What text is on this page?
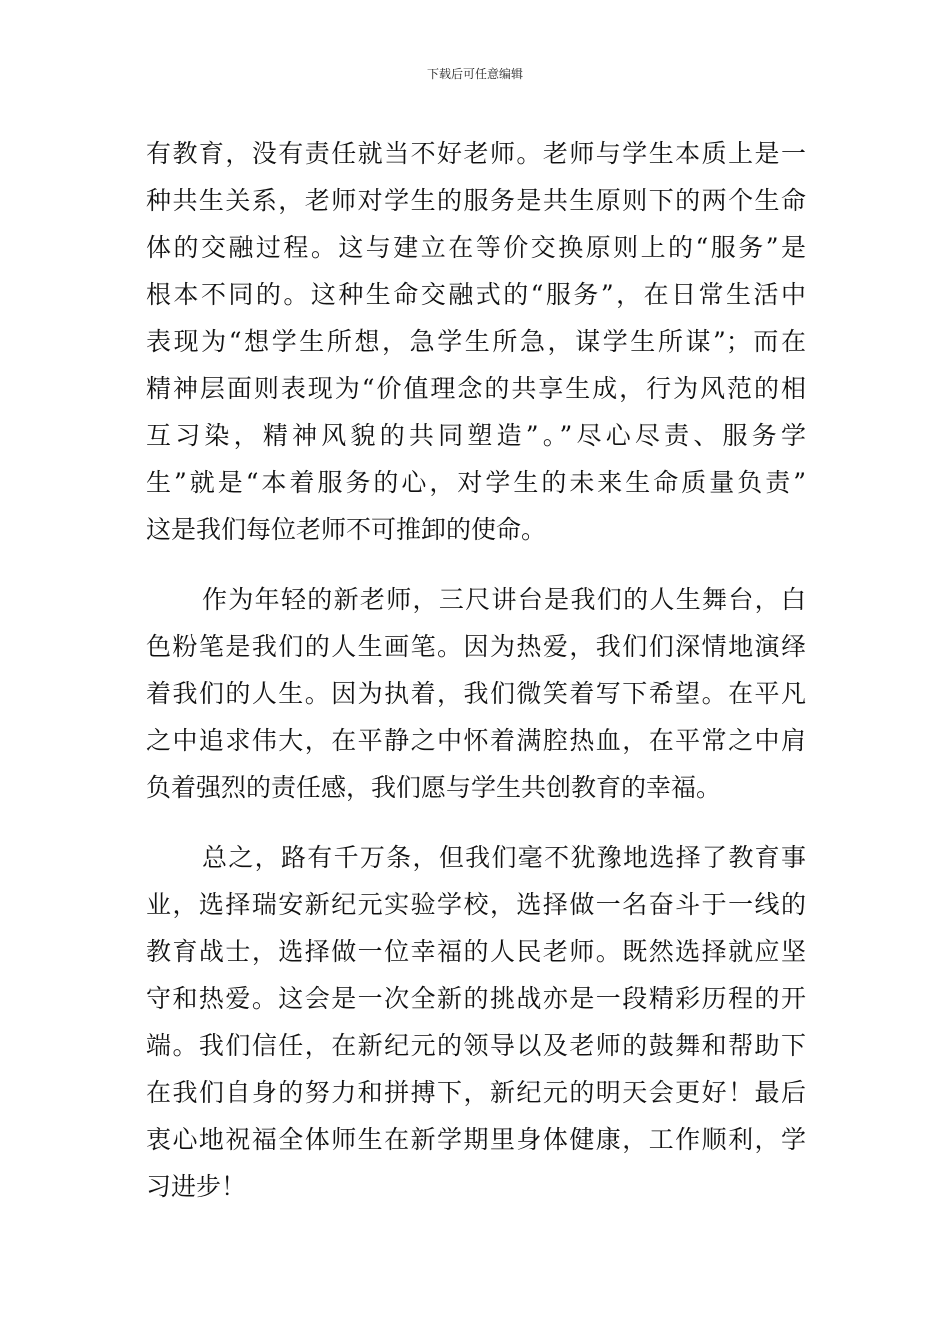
下载后可任意编辑
有教育，没有责任就当不好老师。老师与学生本质上是一
种共生关系，老师对学生的服务是共生原则下的两个生命
体的交融过程。这与建立在等价交换原则上的“服务”是
根本不同的。这种生命交融式的“服务”，在日常生活中
表现为“想学生所想，急学生所急，谋学生所谋”；而在
精神层面则表现为“价值理念的共享生成，行为风范的相
互习染，精神风貌的共同塑造”。”尽心尽责、服务学
生”就是“本着服务的心，对学生的未来生命质量负责”
这是我们每位老师不可推卸的使命。
作为年轻的新老师，三尺讲台是我们的人生舞台，白
色粉笔是我们的人生画笔。因为热爱，我们们深情地演绎
着我们的人生。因为执着，我们微笑着写下希望。在平凡
之中追求伟大，在平静之中怀着满腔热血，在平常之中肩
负着强烈的责任感，我们愿与学生共创教育的幸福。
总之，路有千万条，但我们毫不犹豫地选择了教育事
业，选择瑞安新纪元实验学校，选择做一名奋斗于一线的
教育战士，选择做一位幸福的人民老师。既然选择就应坚
守和热爱。这会是一次全新的挑战亦是一段精彩历程的开
端。我们信任，在新纪元的领导以及老师的鼓舞和帮助下
在我们自身的努力和拼搏下，新纪元的明天会更好！最后
衷心地祝福全体师生在新学期里身体健康，工作顺利，学
习进步！
